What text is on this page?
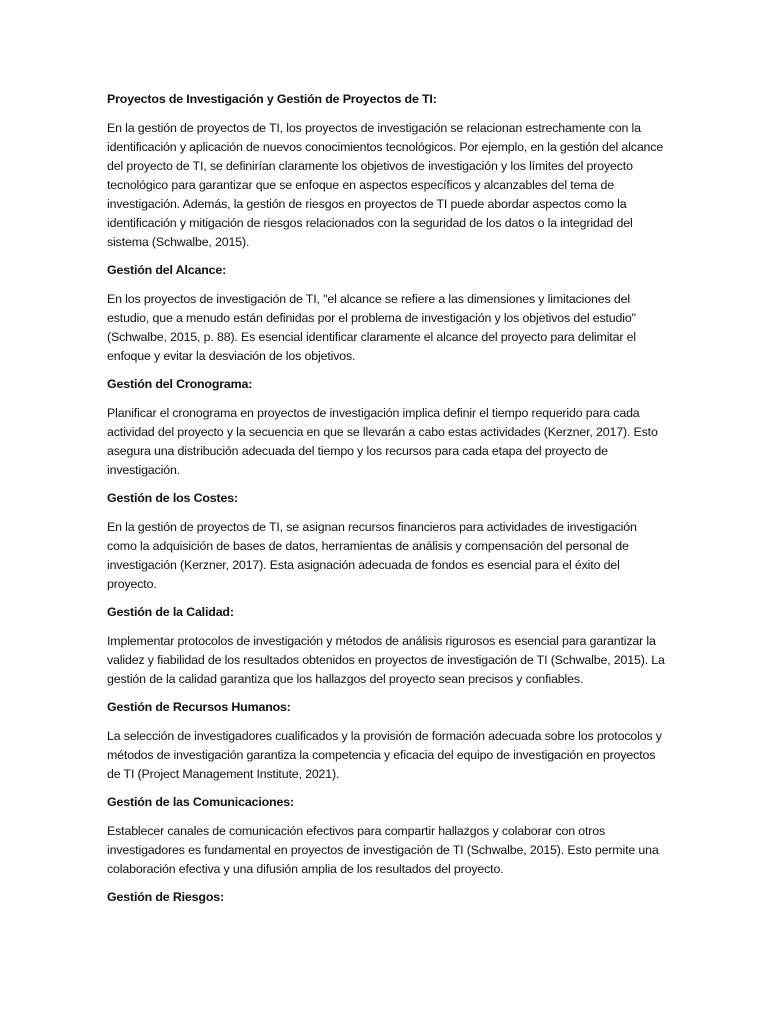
Proyectos de Investigación y Gestión de Proyectos de TI:

En la gestión de proyectos de TI, los proyectos de investigación se relacionan estrechamente con la identificación y aplicación de nuevos conocimientos tecnológicos. Por ejemplo, en la gestión del alcance del proyecto de TI, se definirían claramente los objetivos de investigación y los límites del proyecto tecnológico para garantizar que se enfoque en aspectos específicos y alcanzables del tema de investigación. Además, la gestión de riesgos en proyectos de TI puede abordar aspectos como la identificación y mitigación de riesgos relacionados con la seguridad de los datos o la integridad del sistema (Schwalbe, 2015).

Gestión del Alcance:

En los proyectos de investigación de TI, "el alcance se refiere a las dimensiones y limitaciones del estudio, que a menudo están definidas por el problema de investigación y los objetivos del estudio" (Schwalbe, 2015, p. 88). Es esencial identificar claramente el alcance del proyecto para delimitar el enfoque y evitar la desviación de los objetivos.

Gestión del Cronograma:

Planificar el cronograma en proyectos de investigación implica definir el tiempo requerido para cada actividad del proyecto y la secuencia en que se llevarán a cabo estas actividades (Kerzner, 2017). Esto asegura una distribución adecuada del tiempo y los recursos para cada etapa del proyecto de investigación.

Gestión de los Costes:

En la gestión de proyectos de TI, se asignan recursos financieros para actividades de investigación como la adquisición de bases de datos, herramientas de análisis y compensación del personal de investigación (Kerzner, 2017). Esta asignación adecuada de fondos es esencial para el éxito del proyecto.

Gestión de la Calidad:

Implementar protocolos de investigación y métodos de análisis rigurosos es esencial para garantizar la validez y fiabilidad de los resultados obtenidos en proyectos de investigación de TI (Schwalbe, 2015). La gestión de la calidad garantiza que los hallazgos del proyecto sean precisos y confiables.

Gestión de Recursos Humanos:

La selección de investigadores cualificados y la provisión de formación adecuada sobre los protocolos y métodos de investigación garantiza la competencia y eficacia del equipo de investigación en proyectos de TI (Project Management Institute, 2021).

Gestión de las Comunicaciones:

Establecer canales de comunicación efectivos para compartir hallazgos y colaborar con otros investigadores es fundamental en proyectos de investigación de TI (Schwalbe, 2015). Esto permite una colaboración efectiva y una difusión amplia de los resultados del proyecto.

Gestión de Riesgos:
